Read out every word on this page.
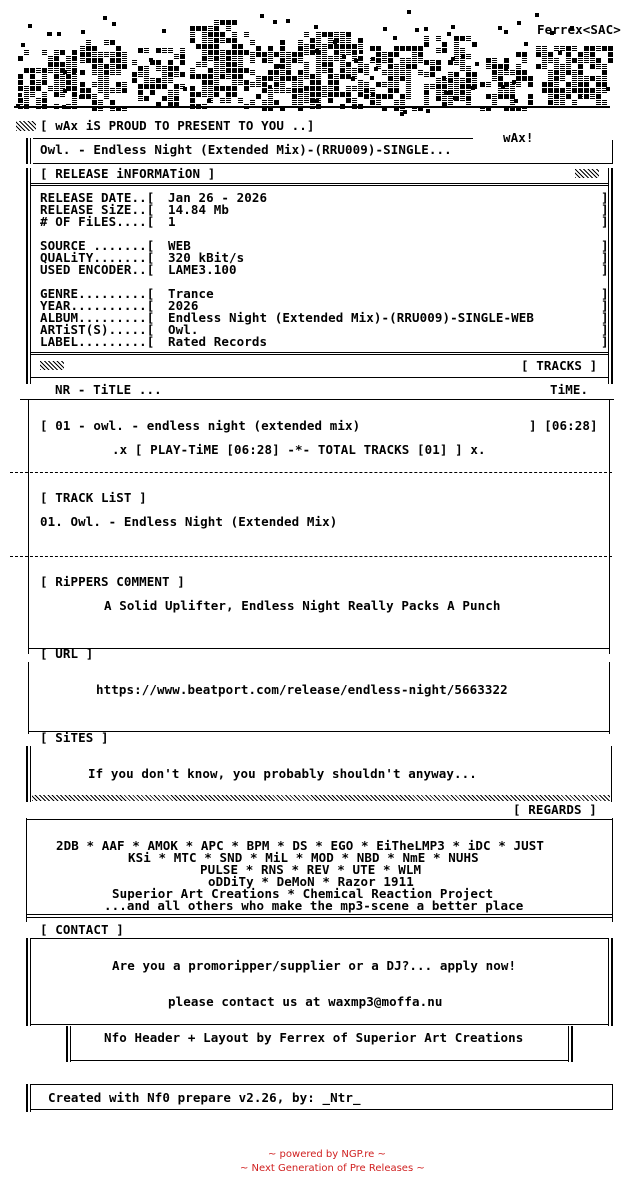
Ferrex<SAC>
wAx!
[ wAx iS PROUD TO PRESENT TO YOU ..]
Owl. - Endless Night (Extended Mix)-(RRU009)-SINGLE...
[ RELEASE iNFORMATiON ]
RELEASE DATE..[ Jan 26 - 2026	]
RELEASE SiZE..[ 14.84 Mb	]
# OF FiLES....[ 1	]
SOURCE .......[ WEB	]
QUALiTY.......[ 320 kBit/s	]
USED ENCODER..[ LAME3.100	]
GENRE.........[ Trance	]
YEAR..........[ 2026	]
ALBUM.........[ Endless Night (Extended Mix)-(RRU009)-SINGLE-WEB	]
ARTiST(S).....[ Owl.	]
LABEL.........[ Rated Records	]
[ TRACKS ]
NR - TiTLE ...	TiME.
[ 01 - owl. - endless night (extended mix)	] [06:28]
.x [ PLAY-TiME [06:28] -*- TOTAL TRACKS [01] ] x.
[ TRACK LiST ]
01. Owl. - Endless Night (Extended Mix)
[ RiPPERS C0MMENT ]
A Solid Uplifter, Endless Night Really Packs A Punch
[ URL ]
https://www.beatport.com/release/endless-night/5663322
[ SiTES ]
If you don't know, you probably shouldn't anyway...
[ REGARDS ]
2DB * AAF * AMOK * APC * BPM * DS * EGO * EiTheLMP3 * iDC * JUST
KSi * MTC * SND * MiL * MOD * NBD * NmE * NUHS
PULSE * RNS * REV * UTE * WLM
oDDiTy * DeMoN * Razor 1911
Superior Art Creations * Chemical Reaction Project
...and all others who make the mp3-scene a better place
[ CONTACT ]
Are you a promoripper/supplier or a DJ?... apply now!
please contact us at waxmp3@moffa.nu
Nfo Header + Layout by Ferrex of Superior Art Creations
Created with Nf0 prepare v2.26, by: _Ntr_
~ powered by NGP.re ~
~ Next Generation of Pre Releases ~
